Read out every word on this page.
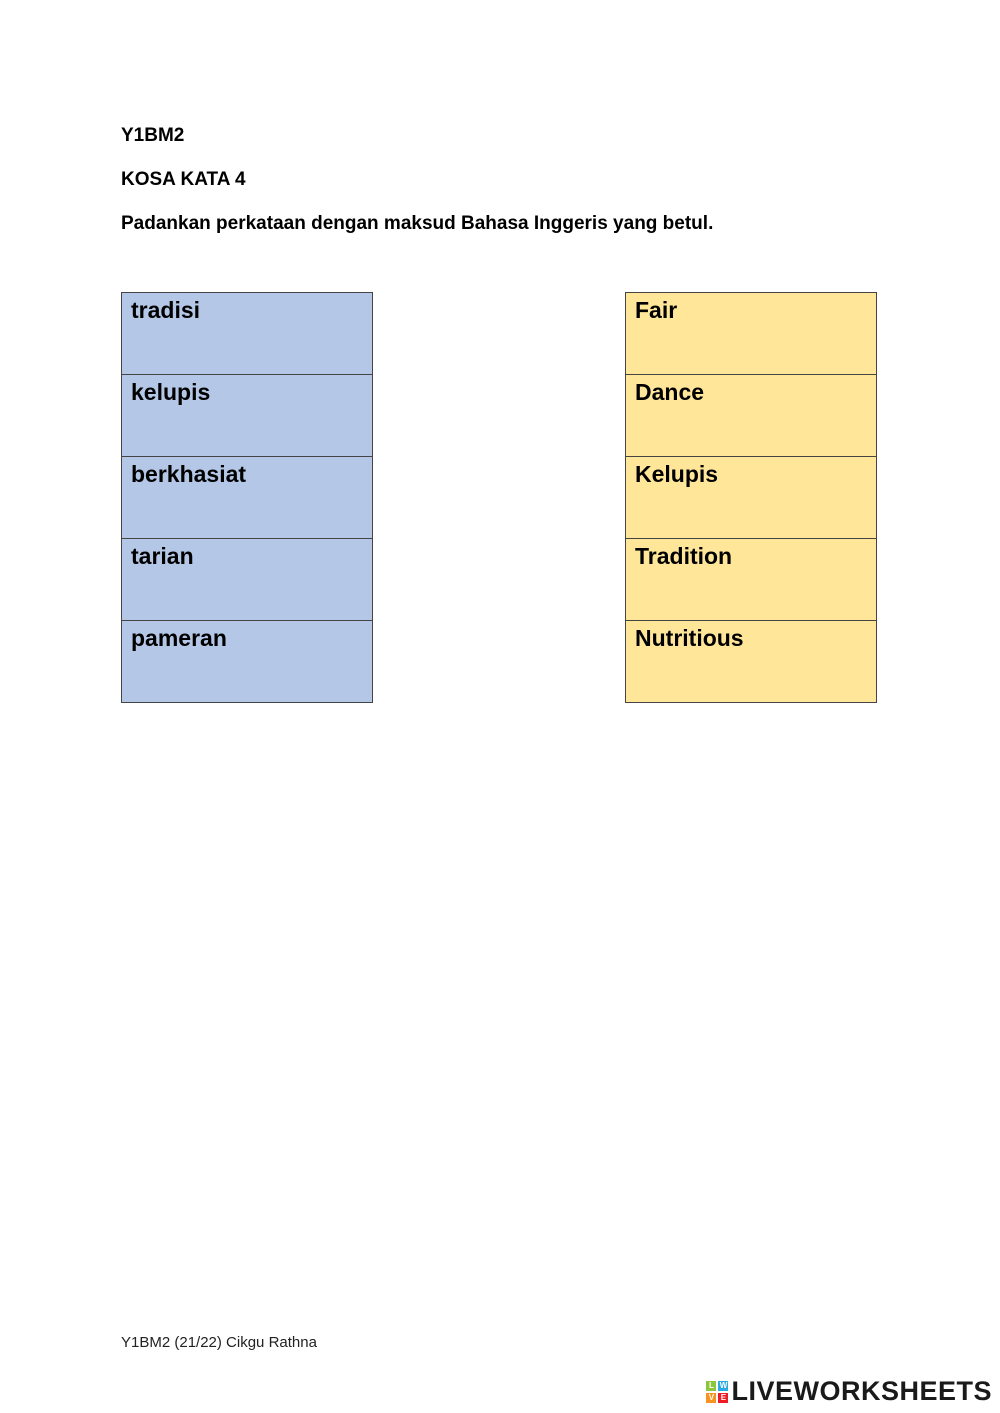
Y1BM2
KOSA KATA 4
Padankan perkataan dengan maksud Bahasa Inggeris yang betul.
tradisi
kelupis
berkhasiat
tarian
pameran
Fair
Dance
Kelupis
Tradition
Nutritious
Y1BM2 (21/22) Cikgu Rathna
L W
V E LIVEWORKSHEETS
